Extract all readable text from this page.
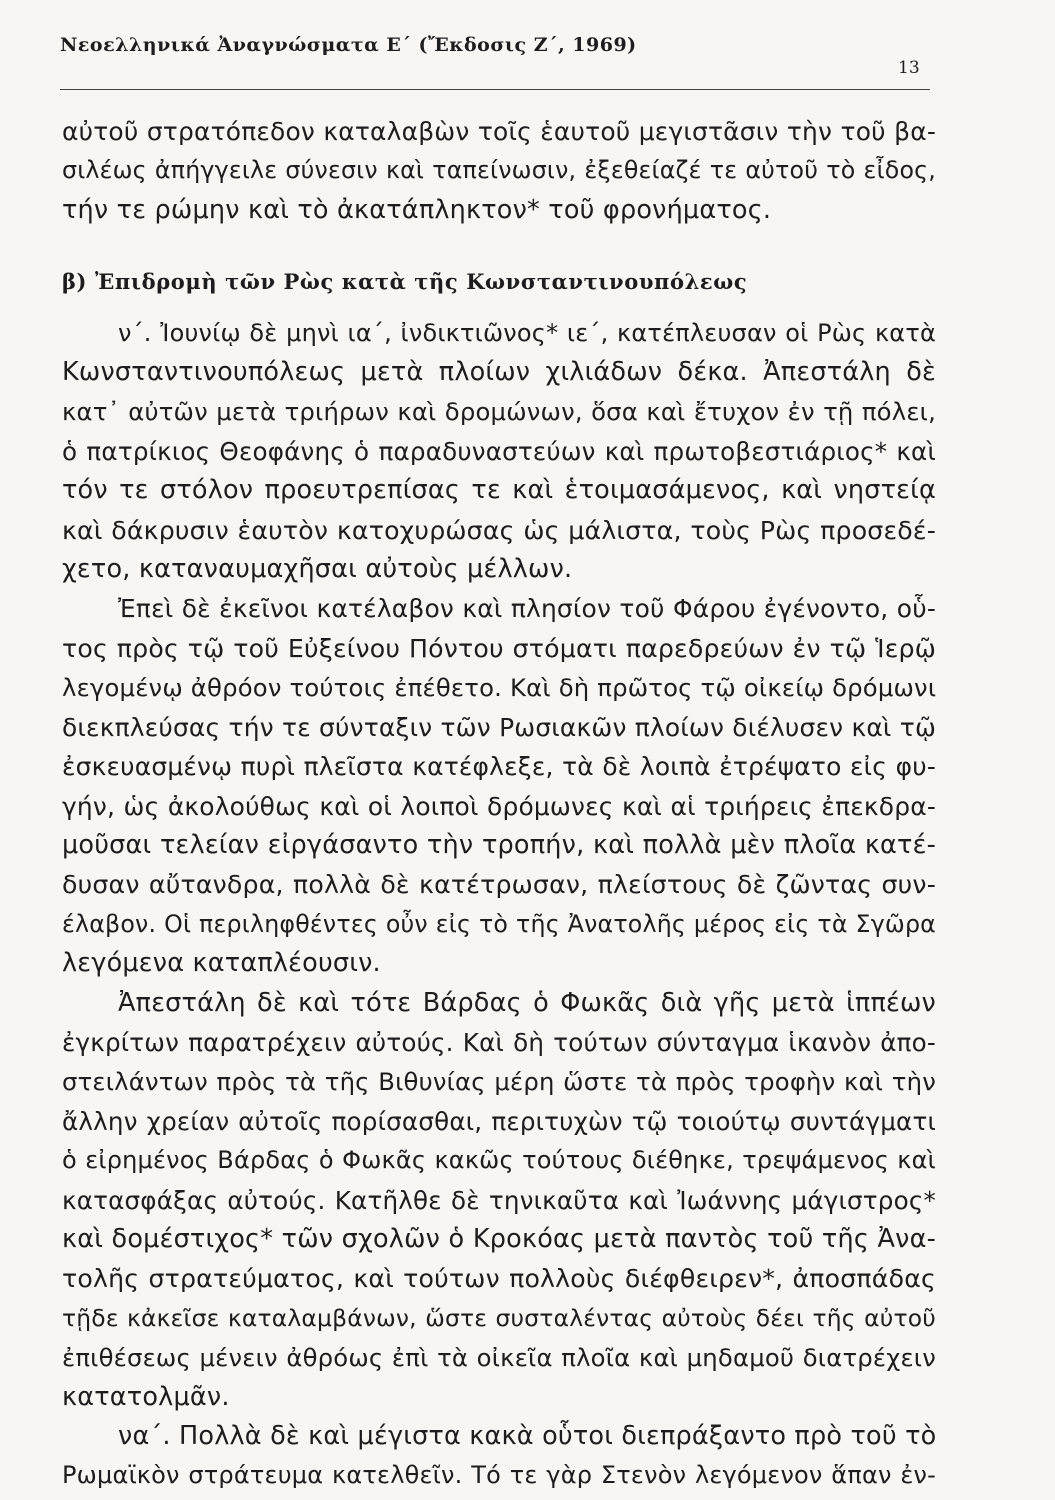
Νεοελληνικά Ἀναγνώσματα Ε΄ (Ἔκδοσις Ζ΄, 1969)
13
αὐτοῦ στρατόπεδον καταλαβὼν τοῖς ἑαυτοῦ μεγιστᾶσιν τὴν τοῦ βα-
σιλέως ἀπήγγειλε σύνεσιν καὶ ταπείνωσιν, ἐξεθείαζέ τε αὐτοῦ τὸ εἶδος,
τήν τε ρώμην καὶ τὸ ἀκατάπληκτον* τοῦ φρονήματος.
β) Ἐπιδρομὴ τῶν Ρὼς κατὰ τῆς Κωνσταντινουπόλεως
ν΄. Ἰουνίῳ δὲ μηνὶ ια΄, ἰνδικτιῶνος* ιε΄, κατέπλευσαν οἱ Ρὼς κατὰ
Κωνσταντινουπόλεως μετὰ πλοίων χιλιάδων δέκα. Ἀπεστάλη δὲ
κατ᾽ αὐτῶν μετὰ τριήρων καὶ δρομώνων, ὅσα καὶ ἔτυχον ἐν τῇ πόλει,
ὁ πατρίκιος Θεοφάνης ὁ παραδυναστεύων καὶ πρωτοβεστιάριος* καὶ
τόν τε στόλον προευτρεπίσας τε καὶ ἑτοιμασάμενος, καὶ νηστείᾳ
καὶ δάκρυσιν ἑαυτὸν κατοχυρώσας ὡς μάλιστα, τοὺς Ρὼς προσεδέ-
χετο, καταναυμαχῆσαι αὐτοὺς μέλλων.
Ἐπεὶ δὲ ἐκεῖνοι κατέλαβον καὶ πλησίον τοῦ Φάρου ἐγένοντο, οὗ-
τος πρὸς τῷ τοῦ Εὐξείνου Πόντου στόματι παρεδρεύων ἐν τῷ Ἱερῷ
λεγομένῳ ἀθρόον τούτοις ἐπέθετο. Καὶ δὴ πρῶτος τῷ οἰκείῳ δρόμωνι
διεκπλεύσας τήν τε σύνταξιν τῶν Ρωσιακῶν πλοίων διέλυσεν καὶ τῷ
ἐσκευασμένῳ πυρὶ πλεῖστα κατέφλεξε, τὰ δὲ λοιπὰ ἐτρέψατο εἰς φυ-
γήν, ὡς ἀκολούθως καὶ οἱ λοιποὶ δρόμωνες καὶ αἱ τριήρεις ἐπεκδρα-
μοῦσαι τελείαν εἰργάσαντο τὴν τροπήν, καὶ πολλὰ μὲν πλοῖα κατέ-
δυσαν αὔτανδρα, πολλὰ δὲ κατέτρωσαν, πλείστους δὲ ζῶντας συν-
έλαβον. Οἱ περιληφθέντες οὖν εἰς τὸ τῆς Ἀνατολῆς μέρος εἰς τὰ Σγῶρα
λεγόμενα καταπλέουσιν.
Ἀπεστάλη δὲ καὶ τότε Βάρδας ὁ Φωκᾶς διὰ γῆς μετὰ ἱππέων
ἐγκρίτων παρατρέχειν αὐτούς. Καὶ δὴ τούτων σύνταγμα ἱκανὸν ἀπο-
στειλάντων πρὸς τὰ τῆς Βιθυνίας μέρη ὥστε τὰ πρὸς τροφὴν καὶ τὴν
ἄλλην χρείαν αὐτοῖς πορίσασθαι, περιτυχὼν τῷ τοιούτῳ συντάγματι
ὁ εἰρημένος Βάρδας ὁ Φωκᾶς κακῶς τούτους διέθηκε, τρεψάμενος καὶ
κατασφάξας αὐτούς. Κατῆλθε δὲ τηνικαῦτα καὶ Ἰωάννης μάγιστρος*
καὶ δομέστιχος* τῶν σχολῶν ὁ Κροκόας μετὰ παντὸς τοῦ τῆς Ἀνα-
τολῆς στρατεύματος, καὶ τούτων πολλοὺς διέφθειρεν*, ἀποσπάδας
τῇδε κἀκεῖσε καταλαμβάνων, ὥστε συσταλέντας αὐτοὺς δέει τῆς αὐτοῦ
ἐπιθέσεως μένειν ἀθρόως ἐπὶ τὰ οἰκεῖα πλοῖα καὶ μηδαμοῦ διατρέχειν
κατατολμᾶν.
να΄. Πολλὰ δὲ καὶ μέγιστα κακὰ οὗτοι διεπράξαντο πρὸ τοῦ τὸ
Ρωμαϊκὸν στράτευμα κατελθεῖν. Τό τε γὰρ Στενὸν λεγόμενον ἅπαν ἐν-
